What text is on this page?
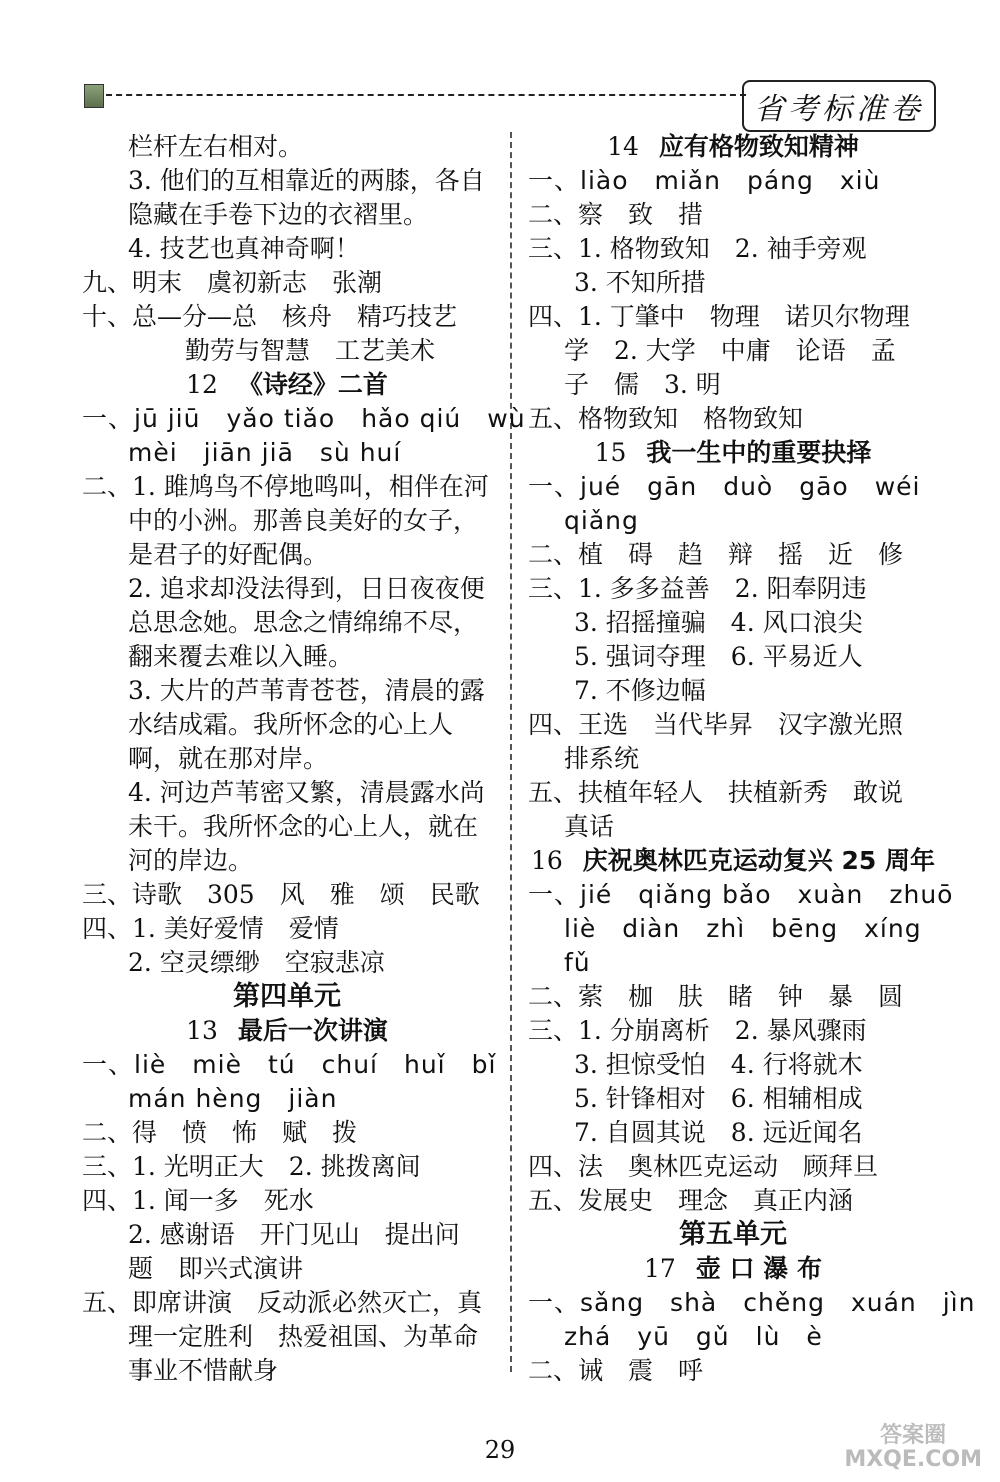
省考标准卷
栏杆左右相对。
3. 他们的互相靠近的两膝，各自
隐藏在手卷下边的衣褶里。
4. 技艺也真神奇啊！
九、明末　虞初新志　张潮
十、总—分—总　核舟　精巧技艺
勤劳与智慧　工艺美术
12 《诗经》二首
一、jū jiū　yǎo tiǎo　hǎo qiú　wù
mèi　jiān jiā　sù huí
二、1. 雎鸠鸟不停地鸣叫，相伴在河
中的小洲。那善良美好的女子，
是君子的好配偶。
2. 追求却没法得到，日日夜夜便
总思念她。思念之情绵绵不尽，
翻来覆去难以入睡。
3. 大片的芦苇青苍苍，清晨的露
水结成霜。我所怀念的心上人
啊，就在那对岸。
4. 河边芦苇密又繁，清晨露水尚
未干。我所怀念的心上人，就在
河的岸边。
三、诗歌　305　风　雅　颂　民歌
四、1. 美好爱情　爱情
2. 空灵缥缈　空寂悲凉
第四单元
13 最后一次讲演
一、liè　miè　tú　chuí　huǐ　bǐ
mán hèng　jiàn
二、得　愤　怖　赋　拨
三、1. 光明正大　2. 挑拨离间
四、1. 闻一多　死水
2. 感谢语　开门见山　提出问
题　即兴式演讲
五、即席讲演　反动派必然灭亡，真
理一定胜利　热爱祖国、为革命
事业不惜献身
14 应有格物致知精神
一、liào　miǎn　páng　xiù
二、察　致　措
三、1. 格物致知　2. 袖手旁观
3. 不知所措
四、1. 丁肇中　物理　诺贝尔物理
学　2. 大学　中庸　论语　孟
子　儒　3. 明
五、格物致知　格物致知
15 我一生中的重要抉择
一、jué　gān　duò　gāo　wéi
qiǎng
二、植　碍　趋　辩　摇　近　修
三、1. 多多益善　2. 阳奉阴违
3. 招摇撞骗　4. 风口浪尖
5. 强词夺理　6. 平易近人
7. 不修边幅
四、王选　当代毕昇　汉字激光照
排系统
五、扶植年轻人　扶植新秀　敢说
真话
16 庆祝奥林匹克运动复兴 25 周年
一、jié　qiǎng bǎo　xuàn　zhuō
liè　diàn　zhì　bēng　xíng
fǔ
二、萦　枷　肤　睹　钟　暴　圆
三、1. 分崩离析　2. 暴风骤雨
3. 担惊受怕　4. 行将就木
5. 针锋相对　6. 相辅相成
7. 自圆其说　8. 远近闻名
四、法　奥林匹克运动　顾拜旦
五、发展史　理念　真正内涵
第五单元
17 壶 口 瀑 布
一、sǎng　shà　chěng　xuán　jìn
zhá　yū　gǔ　lù　è
二、诫　震　呼
29
答案圈
MXQE.COM
